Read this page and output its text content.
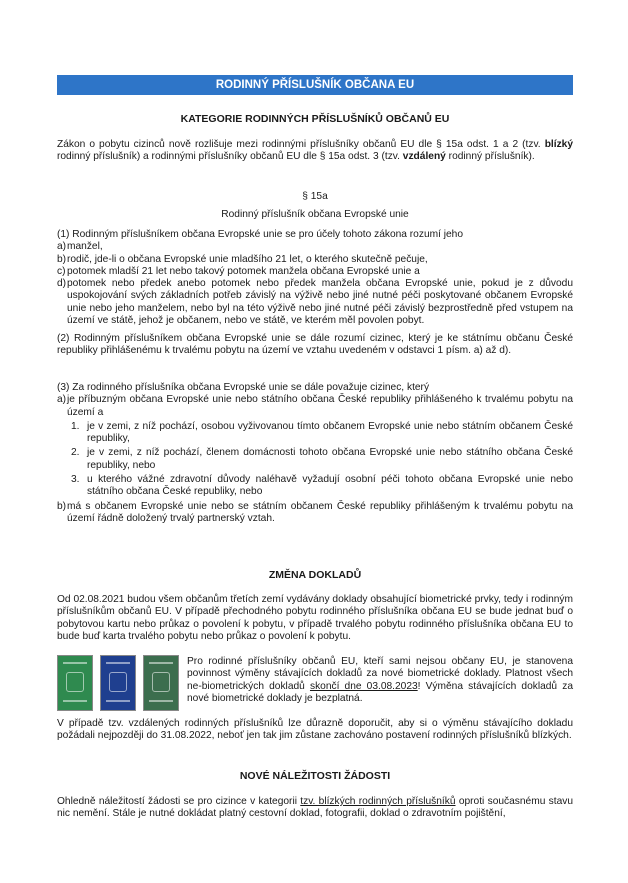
RODINNÝ PŘÍSLUŠNÍK OBČANA EU
KATEGORIE RODINNÝCH PŘÍSLUŠNÍKŮ OBČANŮ EU
Zákon o pobytu cizinců nově rozlišuje mezi rodinnými příslušníky občanů EU dle § 15a odst. 1 a 2 (tzv. blízký rodinný příslušník) a rodinnými příslušníky občanů EU dle § 15a odst. 3 (tzv. vzdálený rodinný příslušník).
§ 15a
Rodinný příslušník občana Evropské unie
(1) Rodinným příslušníkem občana Evropské unie se pro účely tohoto zákona rozumí jeho
a) manžel,
b) rodič, jde-li o občana Evropské unie mladšího 21 let, o kterého skutečně pečuje,
c) potomek mladší 21 let nebo takový potomek manžela občana Evropské unie a
d) potomek nebo předek anebo potomek nebo předek manžela občana Evropské unie, pokud je z důvodu uspokojování svých základních potřeb závislý na výživě nebo jiné nutné péči poskytované občanem Evropské unie nebo jeho manželem, nebo byl na této výživě nebo jiné nutné péči závislý bezprostředně před vstupem na území ve státě, jehož je občanem, nebo ve státě, ve kterém měl povolen pobyt.
(2) Rodinným příslušníkem občana Evropské unie se dále rozumí cizinec, který je ke státnímu občanu České republiky přihlášenému k trvalému pobytu na území ve vztahu uvedeném v odstavci 1 písm. a) až d).
(3) Za rodinného příslušníka občana Evropské unie se dále považuje cizinec, který
a) je příbuzným občana Evropské unie nebo státního občana České republiky přihlášeného k trvalému pobytu na území a
1. je v zemi, z níž pochází, osobou vyživovanou tímto občanem Evropské unie nebo státním občanem České republiky,
2. je v zemi, z níž pochází, členem domácnosti tohoto občana Evropské unie nebo státního občana České republiky, nebo
3. u kterého vážné zdravotní důvody naléhavě vyžadují osobní péči tohoto občana Evropské unie nebo státního občana České republiky, nebo
b) má s občanem Evropské unie nebo se státním občanem České republiky přihlášeným k trvalému pobytu na území řádně doložený trvalý partnerský vztah.
ZMĚNA DOKLADŮ
Od 02.08.2021 budou všem občanům třetích zemí vydávány doklady obsahující biometrické prvky, tedy i rodinným příslušníkům občanů EU. V případě přechodného pobytu rodinného příslušníka občana EU se bude jednat buď o pobytovou kartu nebo průkaz o povolení k pobytu, v případě trvalého pobytu rodinného příslušníka občana EU to bude buď karta trvalého pobytu nebo průkaz o povolení k pobytu.
Pro rodinné příslušníky občanů EU, kteří sami nejsou občany EU, je stanovena povinnost výměny stávajících dokladů za nové biometrické doklady. Platnost všech ne-biometrických dokladů skončí dne 03.08.2023! Výměna stávajících dokladů za nové biometrické doklady je bezplatná.
V případě tzv. vzdálených rodinných příslušníků lze důrazně doporučit, aby si o výměnu stávajícího dokladu požádali nejpozději do 31.08.2022, neboť jen tak jim zůstane zachováno postavení rodinných příslušníků blízkých.
NOVÉ NÁLEŽITOSTI ŽÁDOSTI
Ohledně náležitostí žádosti se pro cizince v kategorii tzv. blízkých rodinných příslušníků oproti současnému stavu nic nemění. Stále je nutné dokládat platný cestovní doklad, fotografii, doklad o zdravotním pojištění,
